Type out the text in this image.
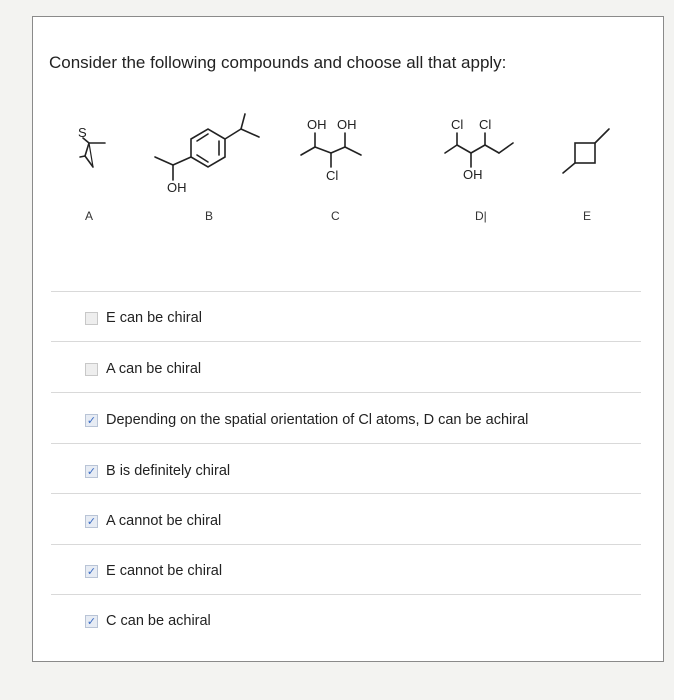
Consider the following compounds and choose all that apply:
S
OH
OH OH
Cl
Cl Cl
OH
A	B	C	D|	E
E can be chiral
A can be chiral
✓ Depending on the spatial orientation of Cl atoms, D can be achiral
✓ B is definitely chiral
✓ A cannot be chiral
✓ E cannot be chiral
✓ C can be achiral
